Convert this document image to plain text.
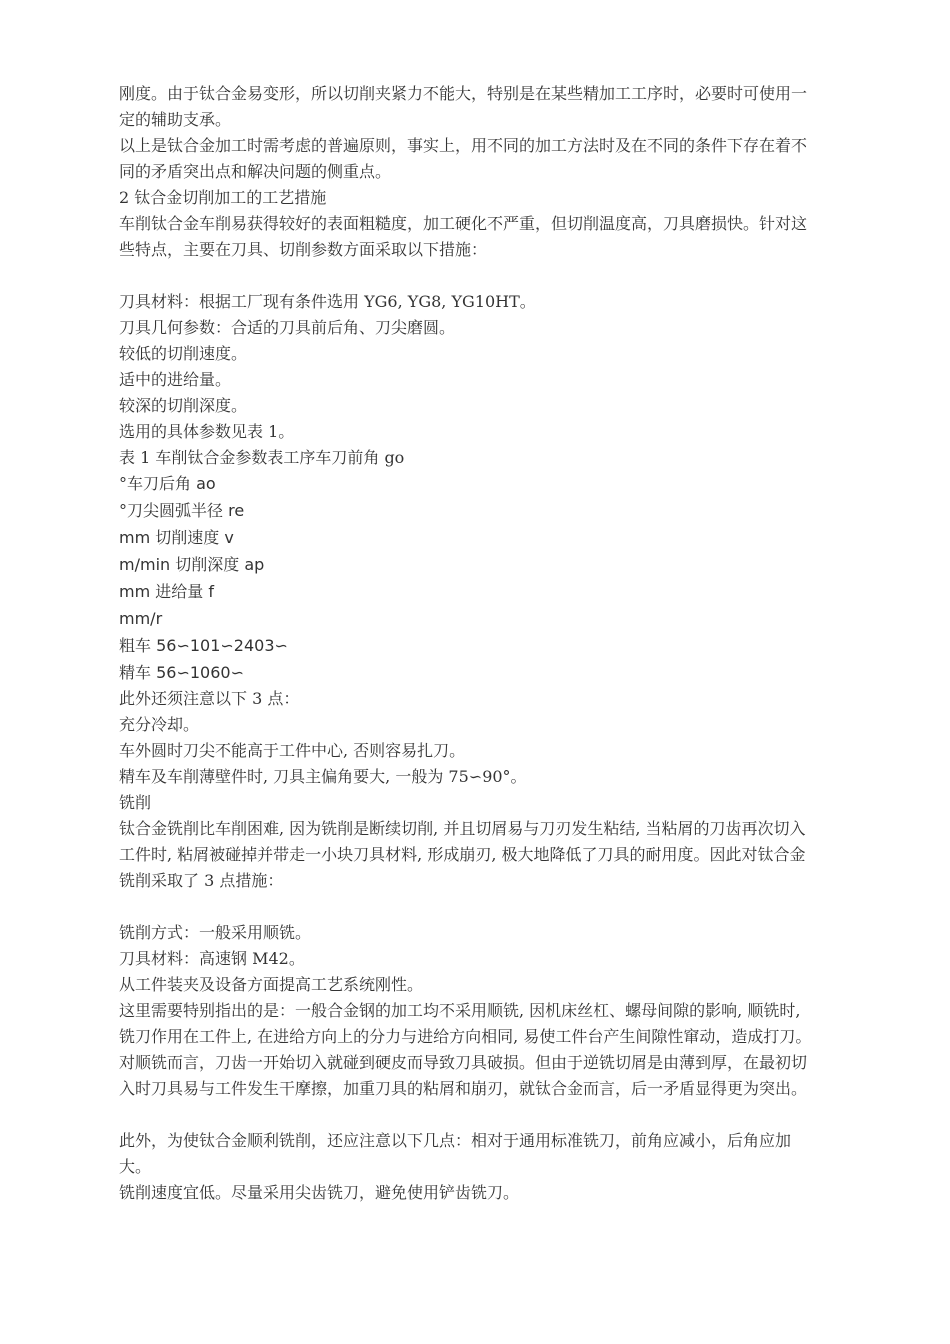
刚度。由于钛合金易变形，所以切削夹紧力不能大，特别是在某些精加工工序时，必要时可使用一定的辅助支承。

以上是钛合金加工时需考虑的普遍原则，事实上，用不同的加工方法时及在不同的条件下存在着不同的矛盾突出点和解决问题的侧重点。

2 钛合金切削加工的工艺措施

车削钛合金车削易获得较好的表面粗糙度，加工硬化不严重，但切削温度高，刀具磨损快。针对这些特点，主要在刀具、切削参数方面采取以下措施：

刀具材料：根据工厂现有条件选用 YG6, YG8, YG10HT。

刀具几何参数：合适的刀具前后角、刀尖磨圆。

较低的切削速度。

适中的进给量。

较深的切削深度。

选用的具体参数见表 1。

表 1 车削钛合金参数表工序车刀前角 go

°车刀后角 ao

°刀尖圆弧半径 re

mm 切削速度 v

m/min 切削深度 ap

mm 进给量 f

mm/r

粗车 56∽101∽2403∽

精车 56∽1060∽

此外还须注意以下 3 点：

充分冷却。

车外圆时刀尖不能高于工件中心, 否则容易扎刀。

精车及车削薄壁件时, 刀具主偏角要大, 一般为 75∽90°。

铣削

钛合金铣削比车削困难, 因为铣削是断续切削, 并且切屑易与刀刃发生粘结, 当粘屑的刀齿再次切入工件时, 粘屑被碰掉并带走一小块刀具材料, 形成崩刃, 极大地降低了刀具的耐用度。因此对钛合金铣削采取了 3 点措施：

铣削方式：一般采用顺铣。

刀具材料：高速钢 M42。

从工件装夹及设备方面提高工艺系统刚性。

这里需要特别指出的是：一般合金钢的加工均不采用顺铣, 因机床丝杠、螺母间隙的影响, 顺铣时, 铣刀作用在工件上, 在进给方向上的分力与进给方向相同, 易使工件台产生间隙性窜动，造成打刀。对顺铣而言，刀齿一开始切入就碰到硬皮而导致刀具破损。但由于逆铣切屑是由薄到厚，在最初切入时刀具易与工件发生干摩擦，加重刀具的粘屑和崩刃，就钛合金而言，后一矛盾显得更为突出。

此外，为使钛合金顺利铣削，还应注意以下几点：相对于通用标准铣刀，前角应减小，后角应加大。

铣削速度宜低。尽量采用尖齿铣刀，避免使用铲齿铣刀。
